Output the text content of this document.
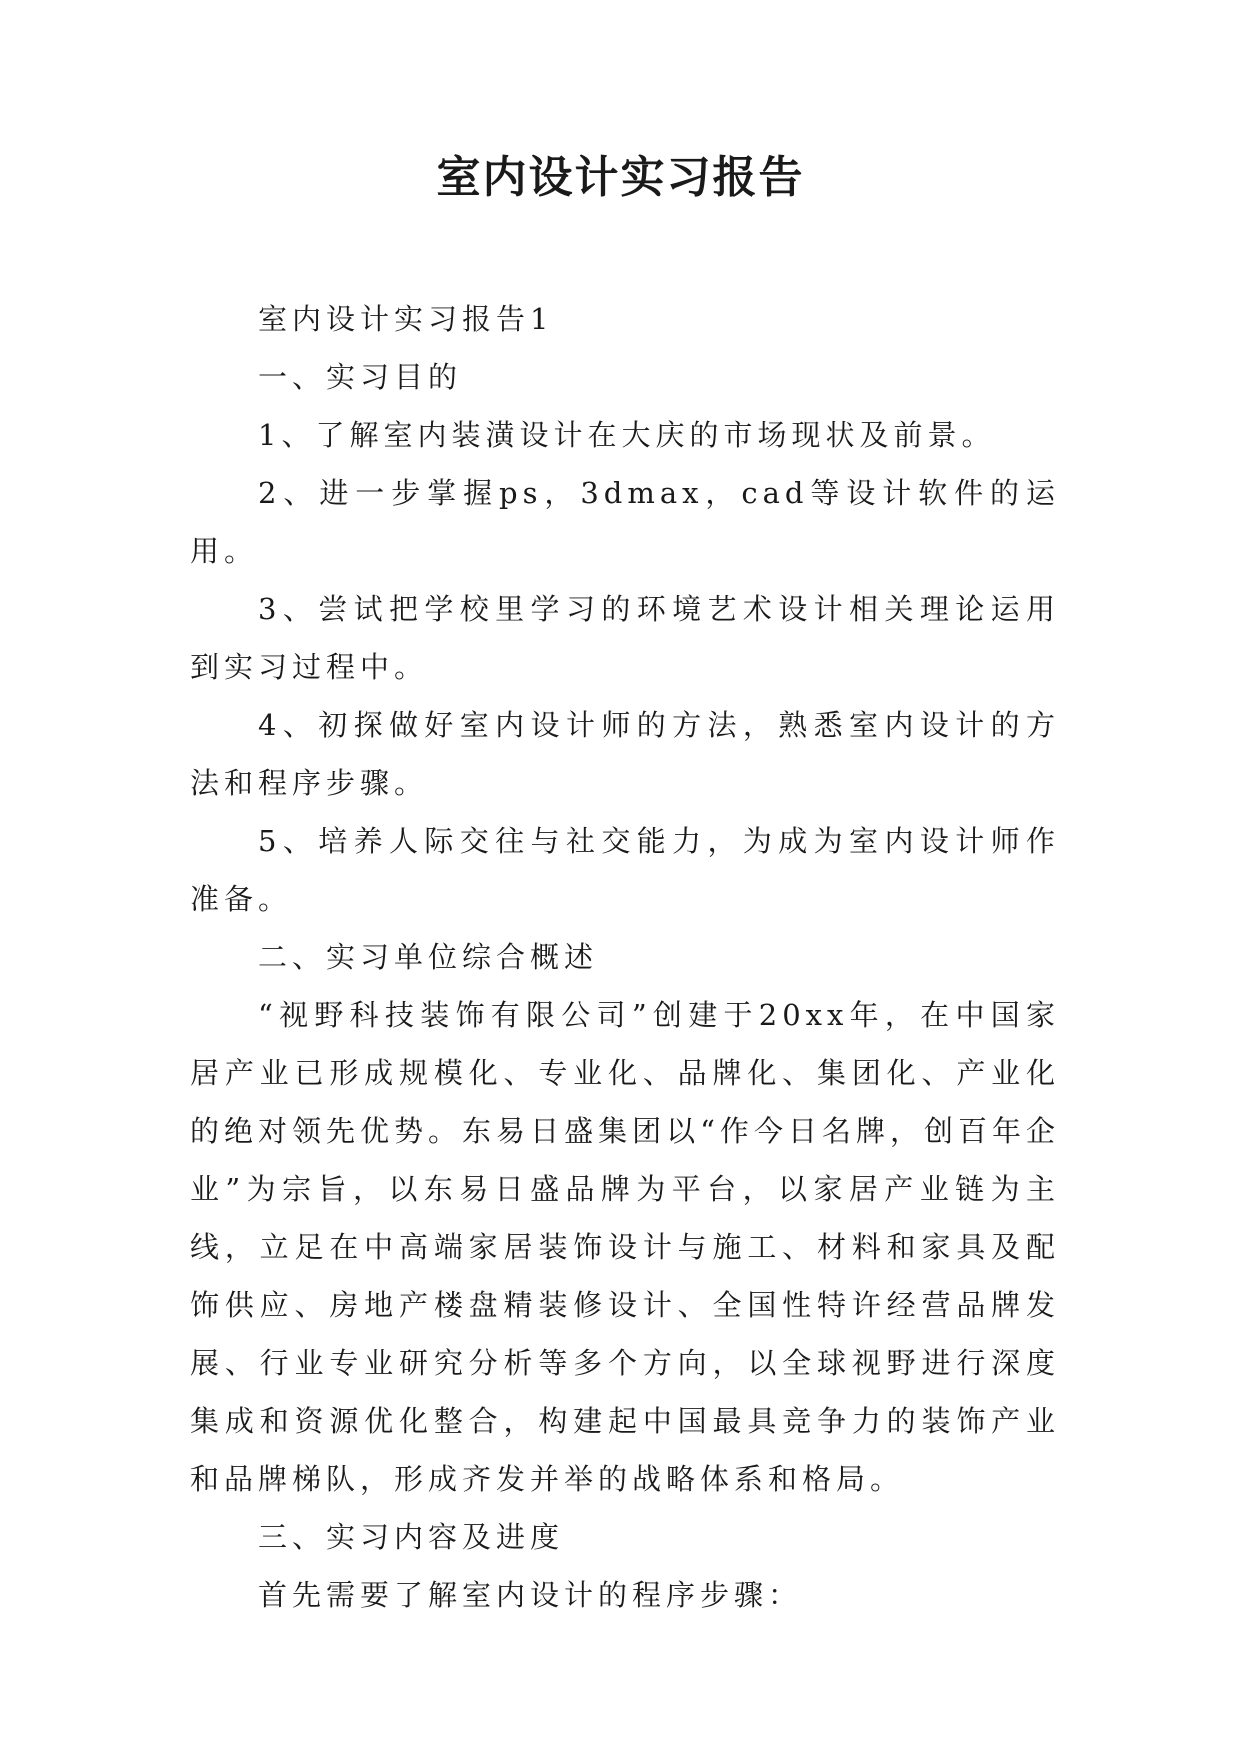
室内设计实习报告

室内设计实习报告1

一、实习目的

1、了解室内装潢设计在大庆的市场现状及前景。

2、进一步掌握ps，3dmax，cad等设计软件的运用。

3、尝试把学校里学习的环境艺术设计相关理论运用到实习过程中。

4、初探做好室内设计师的方法，熟悉室内设计的方法和程序步骤。

5、培养人际交往与社交能力，为成为室内设计师作准备。

二、实习单位综合概述

“视野科技装饰有限公司”创建于20xx年，在中国家居产业已形成规模化、专业化、品牌化、集团化、产业化的绝对领先优势。东易日盛集团以“作今日名牌，创百年企业”为宗旨，以东易日盛品牌为平台，以家居产业链为主线，立足在中高端家居装饰设计与施工、材料和家具及配饰供应、房地产楼盘精装修设计、全国性特许经营品牌发展、行业专业研究分析等多个方向，以全球视野进行深度集成和资源优化整合，构建起中国最具竞争力的装饰产业和品牌梯队，形成齐发并举的战略体系和格局。

三、实习内容及进度

首先需要了解室内设计的程序步骤：
